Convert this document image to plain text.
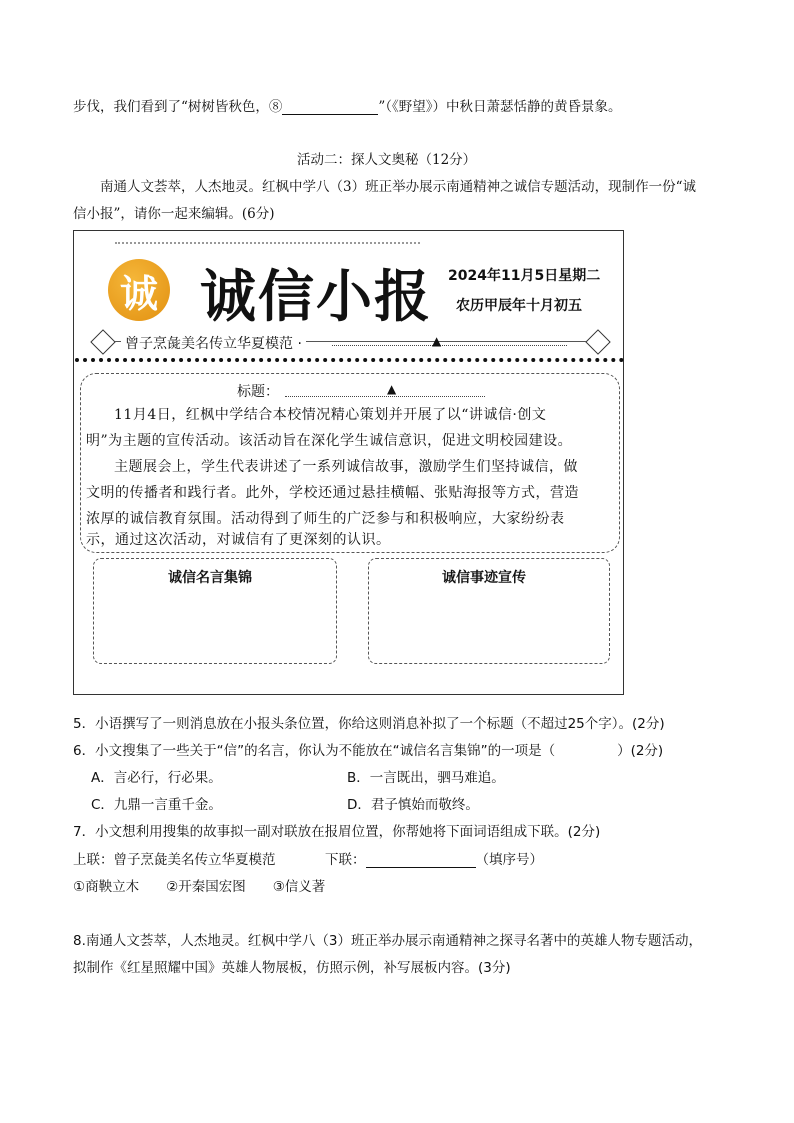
步伐，我们看到了“树树皆秋色，⑧	”（《野望》）中秋日萧瑟恬静的黄昏景象。
活动二：探人文奥秘（12分）
南通人文荟萃，人杰地灵。红枫中学八（3）班正举办展示南通精神之诚信专题活动，现制作一份“诚
信小报”，请你一起来编辑。(6分)
诚 诚信小报 2024年11月5日星期二
农历甲辰年十月初五
曾子烹彘美名传立华夏模范 ·	▲
标题：	▲
11月4日，红枫中学结合本校情况精心策划并开展了以“讲诚信·创文
明”为主题的宣传活动。该活动旨在深化学生诚信意识，促进文明校园建设。
主题展会上，学生代表讲述了一系列诚信故事，激励学生们坚持诚信，做
文明的传播者和践行者。此外，学校还通过悬挂横幅、张贴海报等方式，营造
浓厚的诚信教育氛围。活动得到了师生的广泛参与和积极响应，大家纷纷表
示，通过这次活动，对诚信有了更深刻的认识。
诚信名言集锦	诚信事迹宣传
5．小语撰写了一则消息放在小报头条位置，你给这则消息补拟了一个标题（不超过25个字）。(2分)
6．小文搜集了一些关于“信”的名言，你认为不能放在“诚信名言集锦”的一项是（	）(2分)
A．言必行，行必果。	B．一言既出，驷马难追。
C．九鼎一言重千金。	D．君子慎始而敬终。
7．小文想利用搜集的故事拟一副对联放在报眉位置，你帮她将下面词语组成下联。(2分)
上联：曾子烹彘美名传立华夏模范	下联：	（填序号）
①商鞅立木　　②开秦国宏图　　③信义著
8.南通人文荟萃，人杰地灵。红枫中学八（3）班正举办展示南通精神之探寻名著中的英雄人物专题活动，
拟制作《红星照耀中国》英雄人物展板，仿照示例，补写展板内容。(3分)
